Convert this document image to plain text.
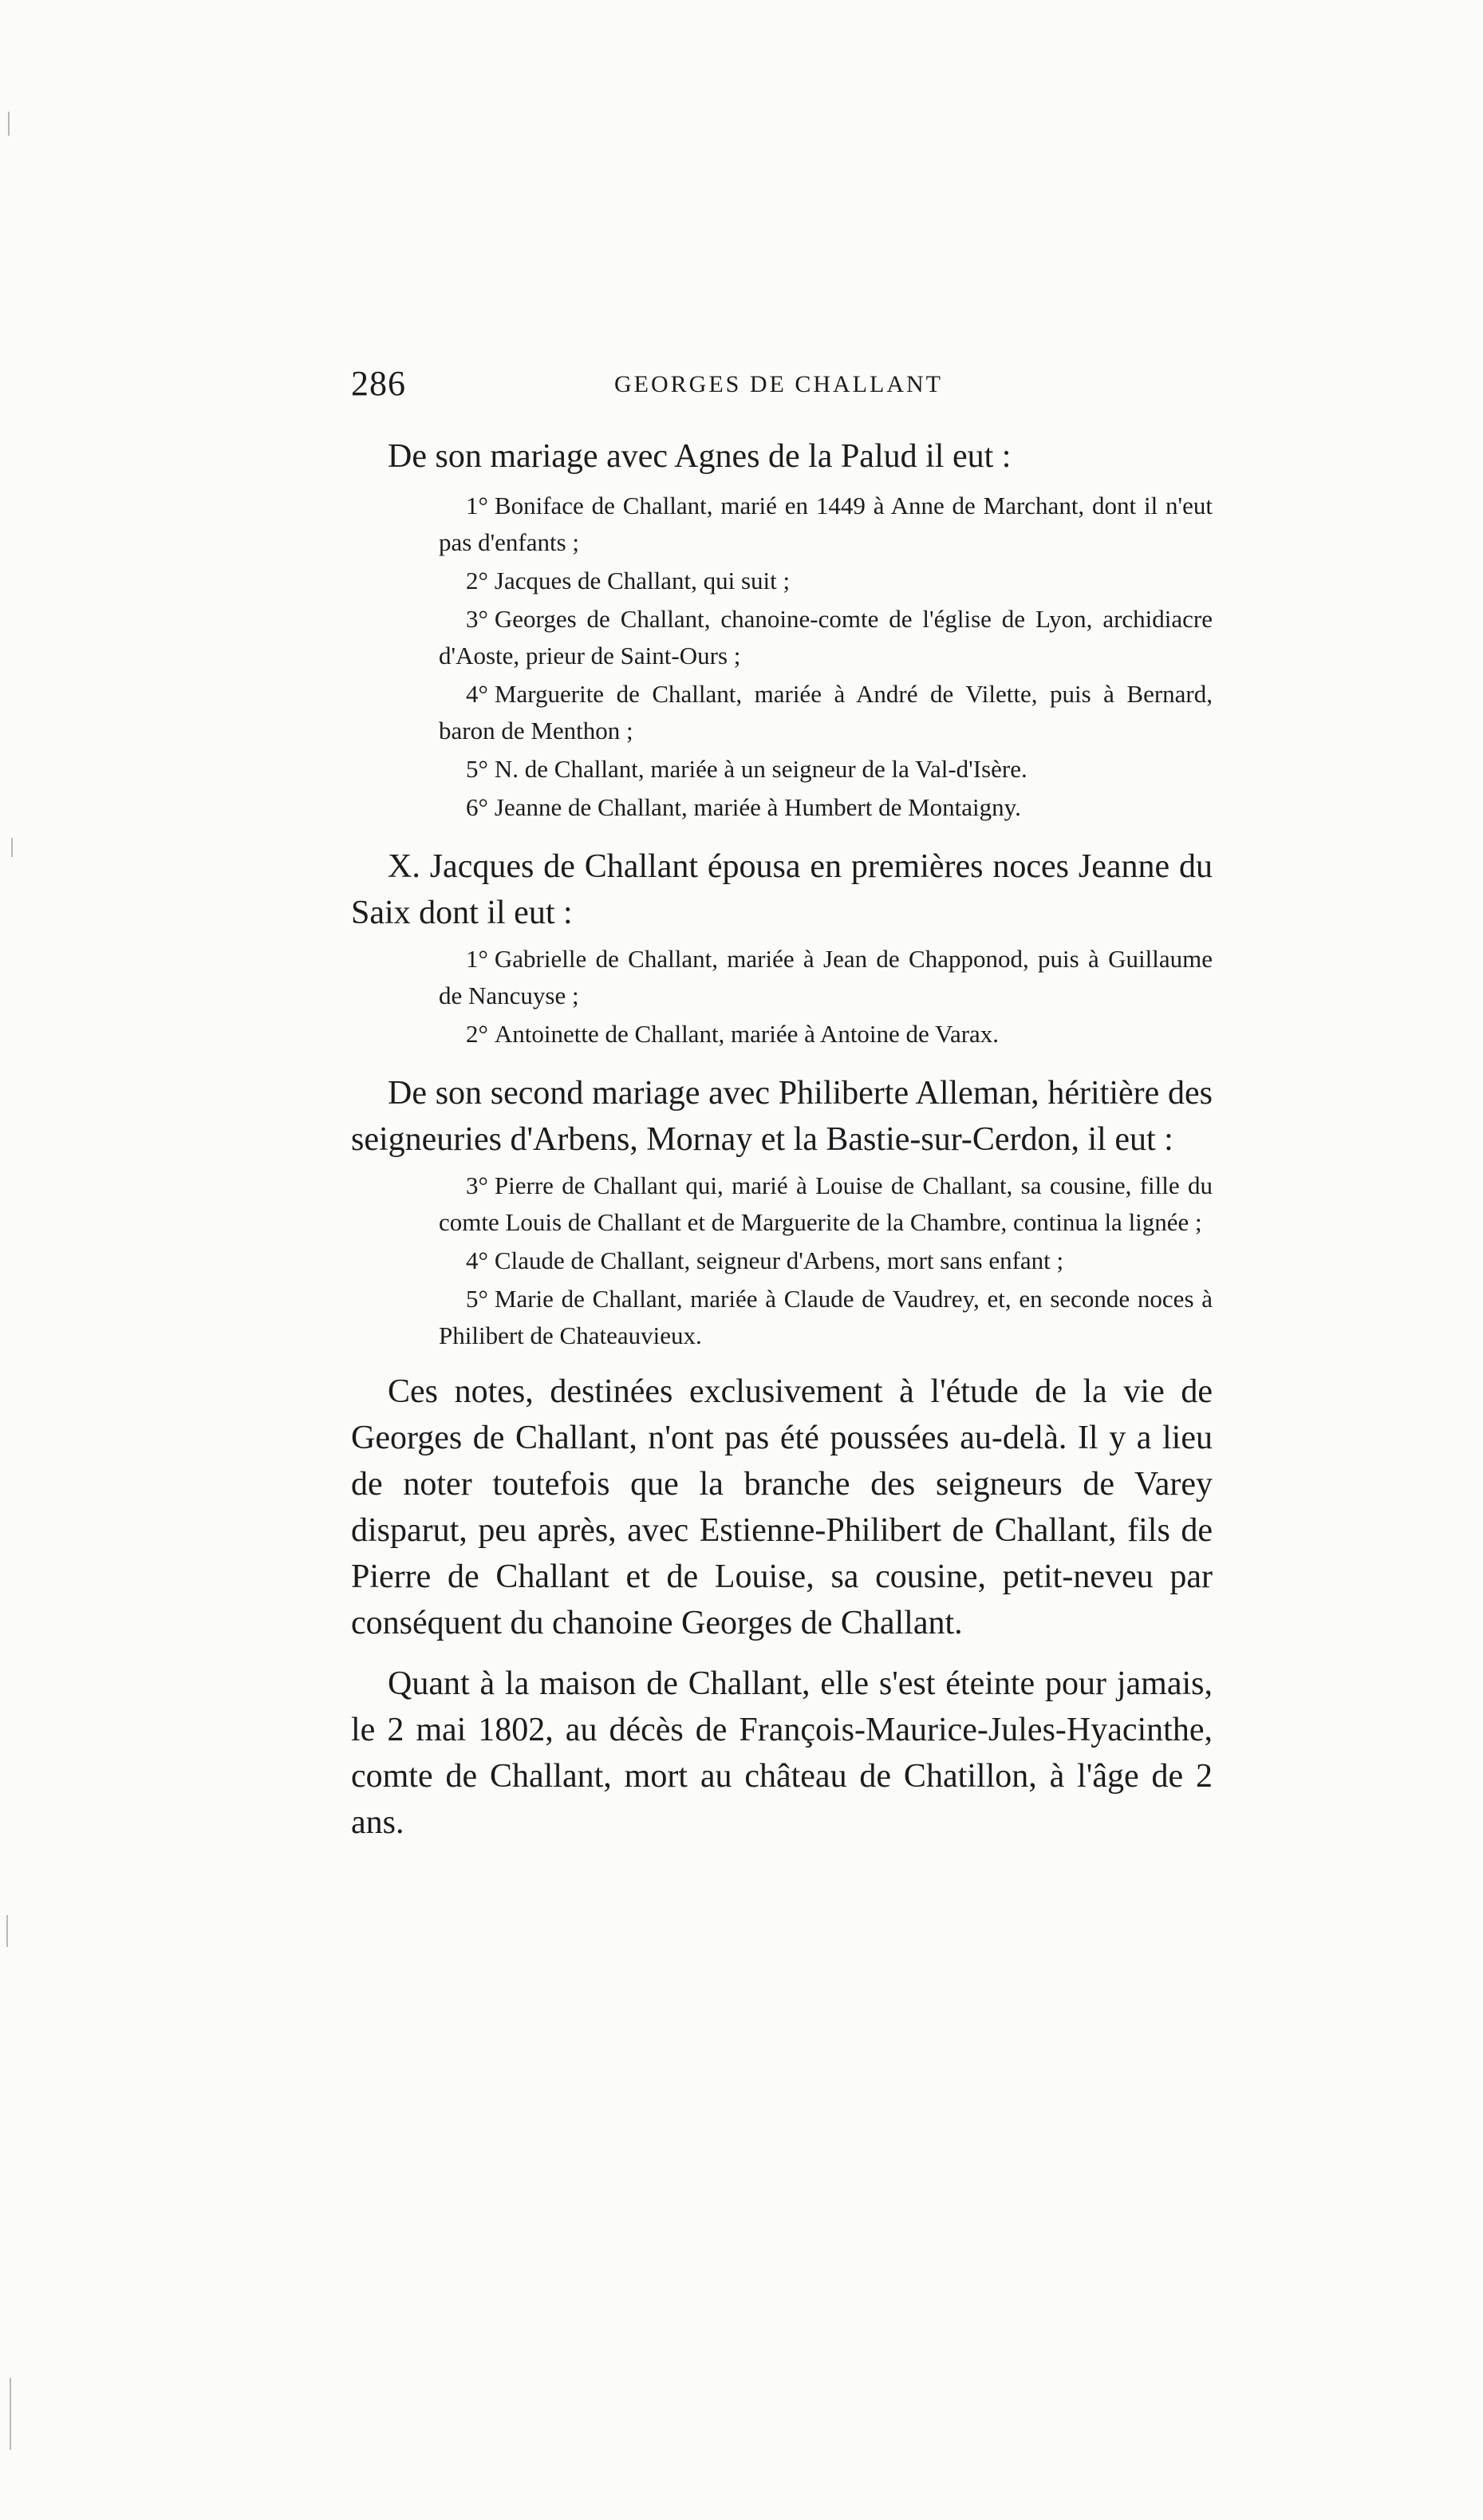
286	GEORGES DE CHALLANT

De son mariage avec Agnes de la Palud il eut :

1° Boniface de Challant, marié en 1449 à Anne de Marchant, dont il n'eut pas d'enfants ;
2° Jacques de Challant, qui suit ;
3° Georges de Challant, chanoine-comte de l'église de Lyon, archidiacre d'Aoste, prieur de Saint-Ours ;
4° Marguerite de Challant, mariée à André de Vilette, puis à Bernard, baron de Menthon ;
5° N. de Challant, mariée à un seigneur de la Val-d'Isère.
6° Jeanne de Challant, mariée à Humbert de Montaigny.

X. Jacques de Challant épousa en premières noces Jeanne du Saix dont il eut :

1° Gabrielle de Challant, mariée à Jean de Chapponod, puis à Guillaume de Nancuyse ;
2° Antoinette de Challant, mariée à Antoine de Varax.

De son second mariage avec Philiberte Alleman, héritière des seigneuries d'Arbens, Mornay et la Bastie-sur-Cerdon, il eut :

3° Pierre de Challant qui, marié à Louise de Challant, sa cousine, fille du comte Louis de Challant et de Marguerite de la Chambre, continua la lignée ;
4° Claude de Challant, seigneur d'Arbens, mort sans enfant ;
5° Marie de Challant, mariée à Claude de Vaudrey, et, en seconde noces à Philibert de Chateauvieux.

Ces notes, destinées exclusivement à l'étude de la vie de Georges de Challant, n'ont pas été poussées au-delà. Il y a lieu de noter toutefois que la branche des seigneurs de Varey disparut, peu après, avec Estienne-Philibert de Challant, fils de Pierre de Challant et de Louise, sa cousine, petit-neveu par conséquent du chanoine Georges de Challant.

Quant à la maison de Challant, elle s'est éteinte pour jamais, le 2 mai 1802, au décès de François-Maurice-Jules-Hyacinthe, comte de Challant, mort au château de Chatillon, à l'âge de 2 ans.
